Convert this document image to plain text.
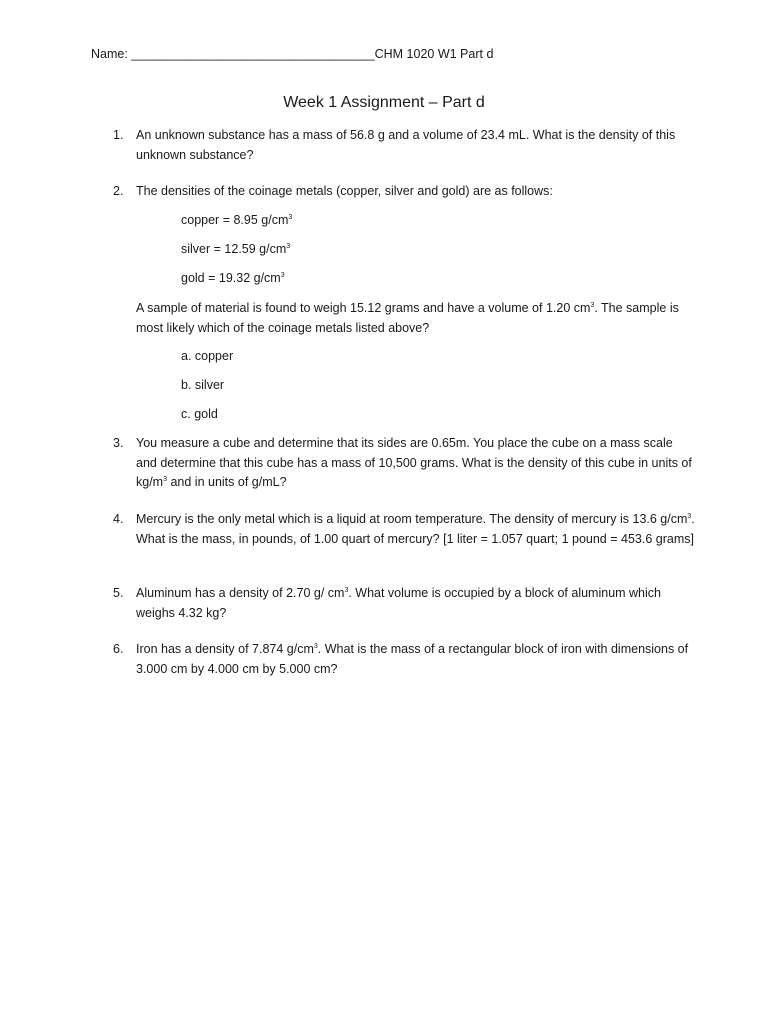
Name: ___________________________________CHM 1020 W1 Part d
Week 1 Assignment – Part d
1. An unknown substance has a mass of 56.8 g and a volume of 23.4 mL. What is the density of this unknown substance?
2. The densities of the coinage metals (copper, silver and gold) are as follows:
copper = 8.95 $g/cm^3$
silver = 12.59 $g/cm^3$
gold = 19.32 $g/cm^3$
A sample of material is found to weigh 15.12 grams and have a volume of 1.20 $cm^3$. The sample is most likely which of the coinage metals listed above?
a. copper
b. silver
c. gold
3. You measure a cube and determine that its sides are 0.65m. You place the cube on a mass scale and determine that this cube has a mass of 10,500 grams. What is the density of this cube in units of $kg/m^3$ and in units of g/mL?
4. Mercury is the only metal which is a liquid at room temperature. The density of mercury is 13.6 $g/cm^3$. What is the mass, in pounds, of 1.00 quart of mercury? [1 liter = 1.057 quart; 1 pound = 453.6 grams]
5. Aluminum has a density of 2.70 g/ $cm^3$. What volume is occupied by a block of aluminum which weighs 4.32 kg?
6. Iron has a density of 7.874 $g/cm^3$. What is the mass of a rectangular block of iron with dimensions of 3.000 cm by 4.000 cm by 5.000 cm?
